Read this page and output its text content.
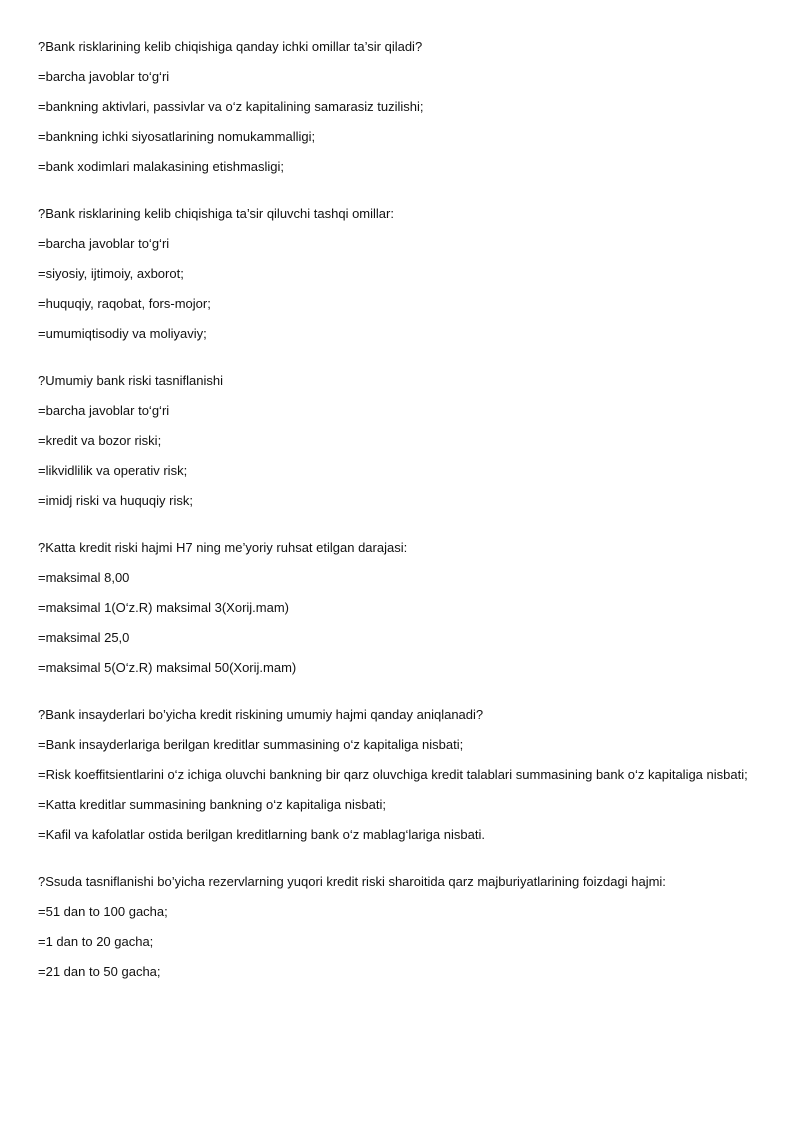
?Bank risklarining kelib chiqishiga qanday ichki omillar ta’sir qiladi?
=barcha javoblar to‘g‘ri
=bankning aktivlari, passivlar va o‘z kapitalining samarasiz tuzilishi;
=bankning ichki siyosatlarining nomukammalligi;
=bank xodimlari malakasining etishmasligi;
?Bank risklarining kelib chiqishiga ta’sir qiluvchi tashqi omillar:
=barcha javoblar to‘g‘ri
=siyosiy, ijtimoiy, axborot;
=huquqiy, raqobat, fors-mojor;
=umumiqtisodiy va moliyaviy;
?Umumiy bank riski tasniflanishi
=barcha javoblar to‘g‘ri
=kredit va bozor riski;
=likvidlilik va operativ risk;
=imidj riski va huquqiy risk;
?Katta kredit riski hajmi H7 ning me’yoriy ruhsat etilgan darajasi:
=maksimal 8,00
=maksimal 1(O‘z.R) maksimal 3(Xorij.mam)
=maksimal 25,0
=maksimal 5(O‘z.R) maksimal 50(Xorij.mam)
?Bank insayderlari bo’yicha kredit riskining umumiy hajmi qanday aniqlanadi?
=Bank insayderlariga berilgan kreditlar summasining o‘z kapitaliga nisbati;
=Risk koeffitsientlarini o‘z ichiga oluvchi bankning bir qarz oluvchiga kredit talablari summasining bank o‘z kapitaliga nisbati;
=Katta kreditlar summasining bankning o‘z kapitaliga nisbati;
=Kafil va kafolatlar ostida berilgan kreditlarning bank o‘z mablag‘lariga nisbati.
?Ssuda tasniflanishi bo’yicha rezervlarning yuqori kredit riski sharoitida qarz majburiyatlarining foizdagi hajmi:
=51 dan to 100 gacha;
=1 dan to 20 gacha;
=21 dan to 50 gacha;
